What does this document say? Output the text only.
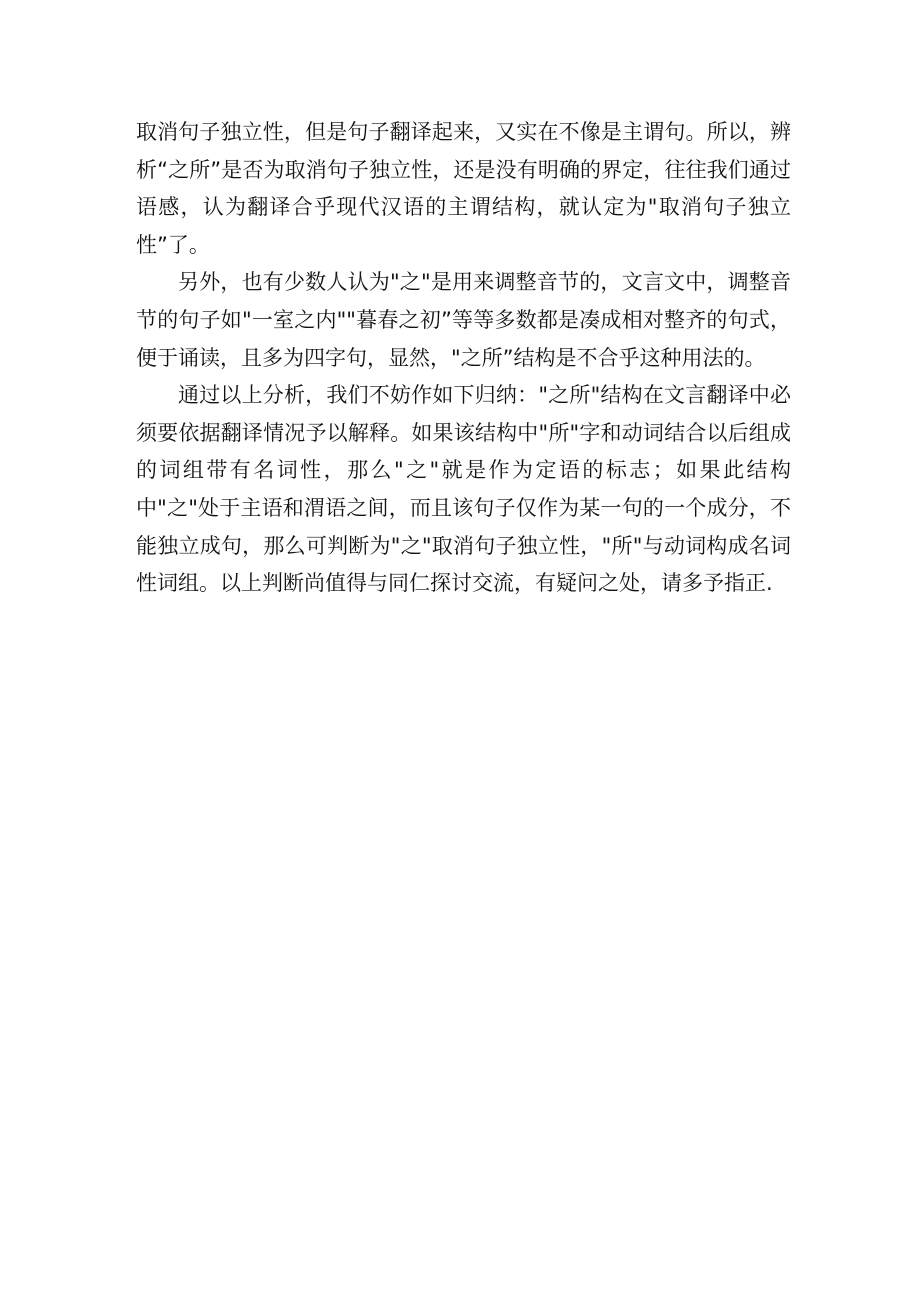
取消句子独立性，但是句子翻译起来，又实在不像是主谓句。所以，辨析“之所”是否为取消句子独立性，还是没有明确的界定，往往我们通过语感，认为翻译合乎现代汉语的主谓结构，就认定为"取消句子独立性”了。

另外，也有少数人认为"之"是用来调整音节的，文言文中，调整音节的句子如"一室之内""暮春之初”等等多数都是凑成相对整齐的句式，便于诵读，且多为四字句，显然，"之所”结构是不合乎这种用法的。

通过以上分析，我们不妨作如下归纳："之所"结构在文言翻译中必须要依据翻译情况予以解释。如果该结构中"所"字和动词结合以后组成的词组带有名词性，那么"之"就是作为定语的标志；如果此结构中"之"处于主语和渭语之间，而且该句子仅作为某一句的一个成分，不能独立成句，那么可判断为"之"取消句子独立性，"所"与动词构成名词性词组。以上判断尚值得与同仁探讨交流，有疑问之处，请多予指正.
